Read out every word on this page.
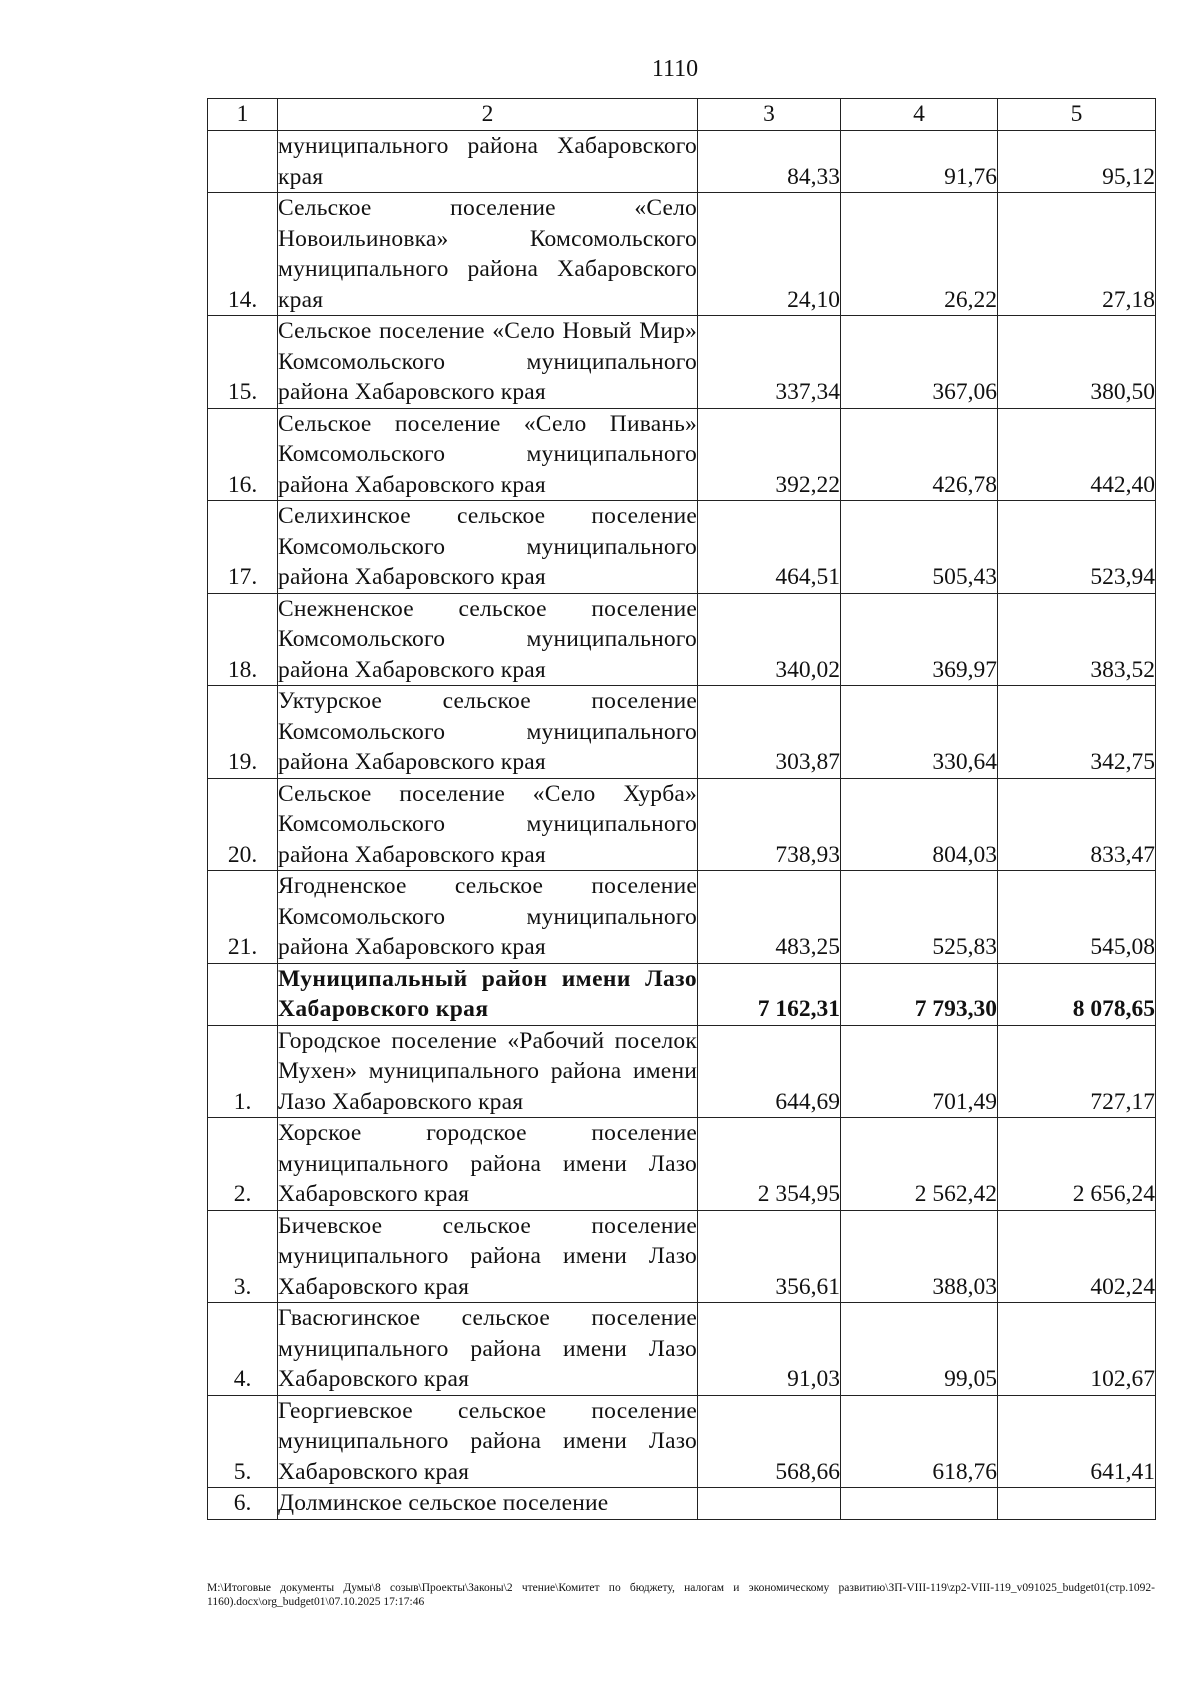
1110
1	2	3	4	5
	муниципального района Хабаровского края	84,33	91,76	95,12
14.	Сельское поселение «Село Новоильиновка» Комсомольского муниципального района Хабаровского края	24,10	26,22	27,18
15.	Сельское поселение «Село Новый Мир» Комсомольского муниципального района Хабаровского края	337,34	367,06	380,50
16.	Сельское поселение «Село Пивань» Комсомольского муниципального района Хабаровского края	392,22	426,78	442,40
17.	Селихинское сельское поселение Комсомольского муниципального района Хабаровского края	464,51	505,43	523,94
18.	Снежненское сельское поселение Комсомольского муниципального района Хабаровского края	340,02	369,97	383,52
19.	Уктурское сельское поселение Комсомольского муниципального района Хабаровского края	303,87	330,64	342,75
20.	Сельское поселение «Село Хурба» Комсомольского муниципального района Хабаровского края	738,93	804,03	833,47
21.	Ягодненское сельское поселение Комсомольского муниципального района Хабаровского края	483,25	525,83	545,08
	Муниципальный район имени Лазо Хабаровского края	7 162,31	7 793,30	8 078,65
1.	Городское поселение «Рабочий поселок Мухен» муниципального района имени Лазо Хабаровского края	644,69	701,49	727,17
2.	Хорское городское поселение муниципального района имени Лазо Хабаровского края	2 354,95	2 562,42	2 656,24
3.	Бичевское сельское поселение муниципального района имени Лазо Хабаровского края	356,61	388,03	402,24
4.	Гвасюгинское сельское поселение муниципального района имени Лазо Хабаровского края	91,03	99,05	102,67
5.	Георгиевское сельское поселение муниципального района имени Лазо Хабаровского края	568,66	618,76	641,41
6.	Долминское сельское поселение			
M:\Итоговые документы Думы\8 созыв\Проекты\Законы\2 чтение\Комитет по бюджету, налогам и экономическому развитию\ЗП-VIII-119\zp2-VIII-119_v091025_budget01(стр.1092-1160).docx\org_budget01\07.10.2025 17:17:46
